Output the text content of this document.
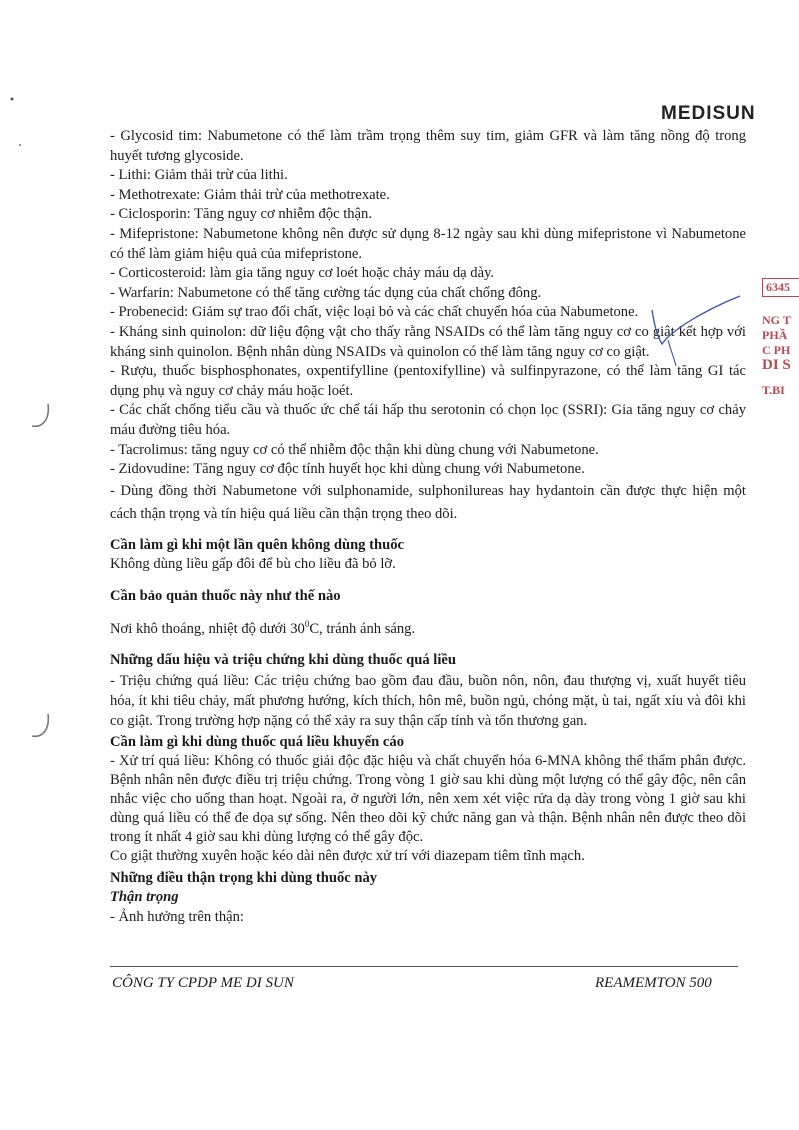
MEDISUN

- Glycosid tim: Nabumetone có thể làm trầm trọng thêm suy tim, giảm GFR và làm tăng nồng độ trong huyết tương glycoside.

- Lithi: Giảm thải trừ của lithi.

- Methotrexate: Giảm thải trừ của methotrexate.

- Ciclosporin: Tăng nguy cơ nhiễm độc thận.

- Mifepristone: Nabumetone không nên được sử dụng 8-12 ngày sau khi dùng mifepristone vì Nabumetone có thể làm giảm hiệu quả của mifepristone.

- Corticosteroid: làm gia tăng nguy cơ loét hoặc chảy máu dạ dày.

- Warfarin: Nabumetone có thể tăng cường tác dụng của chất chống đông.

- Probenecid: Giảm sự trao đổi chất, việc loại bỏ và các chất chuyển hóa của Nabumetone.

- Kháng sinh quinolon: dữ liệu động vật cho thấy rằng NSAIDs có thể làm tăng nguy cơ co giật kết hợp với kháng sinh quinolon. Bệnh nhân dùng NSAIDs và quinolon có thể làm tăng nguy cơ co giật.

- Rượu, thuốc bisphosphonates, oxpentifylline (pentoxifylline) và sulfinpyrazone, có thể làm tăng GI tác dụng phụ và nguy cơ chảy máu hoặc loét.

- Các chất chống tiểu cầu và thuốc ức chế tái hấp thu serotonin có chọn lọc (SSRI): Gia tăng nguy cơ chảy máu đường tiêu hóa.

- Tacrolimus: tăng nguy cơ có thể nhiễm độc thận khi dùng chung với Nabumetone.

- Zidovudine: Tăng nguy cơ độc tính huyết học khi dùng chung với Nabumetone.

- Dùng đồng thời Nabumetone với sulphonamide, sulphonilureas hay hydantoin cần được thực hiện một cách thận trọng và tín hiệu quá liều cần thận trọng theo dõi.

Cần làm gì khi một lần quên không dùng thuốc

Không dùng liều gấp đôi để bù cho liều đã bỏ lỡ.

Cần bảo quản thuốc này như thế nào

Nơi khô thoáng, nhiệt độ dưới $30^0C$, tránh ánh sáng.

Những dấu hiệu và triệu chứng khi dùng thuốc quá liều

- Triệu chứng quá liều: Các triệu chứng bao gồm đau đầu, buồn nôn, nôn, đau thượng vị, xuất huyết tiêu hóa, ít khi tiêu chảy, mất phương hướng, kích thích, hôn mê, buồn ngủ, chóng mặt, ù tai, ngất xỉu và đôi khi co giật. Trong trường hợp nặng có thể xảy ra suy thận cấp tính và tổn thương gan.

Cần làm gì khi dùng thuốc quá liều khuyến cáo

- Xử trí quá liều: Không có thuốc giải độc đặc hiệu và chất chuyển hóa 6-MNA không thể thẩm phân được. Bệnh nhân nên được điều trị triệu chứng. Trong vòng 1 giờ sau khi dùng một lượng có thể gây độc, nên cân nhắc việc cho uống than hoạt. Ngoài ra, ở người lớn, nên xem xét việc rửa dạ dày trong vòng 1 giờ sau khi dùng quá liều có thể đe dọa sự sống. Nên theo dõi kỹ chức năng gan và thận. Bệnh nhân nên được theo dõi trong ít nhất 4 giờ sau khi dùng lượng có thể gây độc.

Co giật thường xuyên hoặc kéo dài nên được xử trí với diazepam tiêm tĩnh mạch.

Những điều thận trọng khi dùng thuốc này
Thận trọng

- Ảnh hưởng trên thận:

CÔNG TY CPDP ME DI SUN	REAMEMTON 500
6345
NG T
PHẦ
C PH
DI S
T.BI
